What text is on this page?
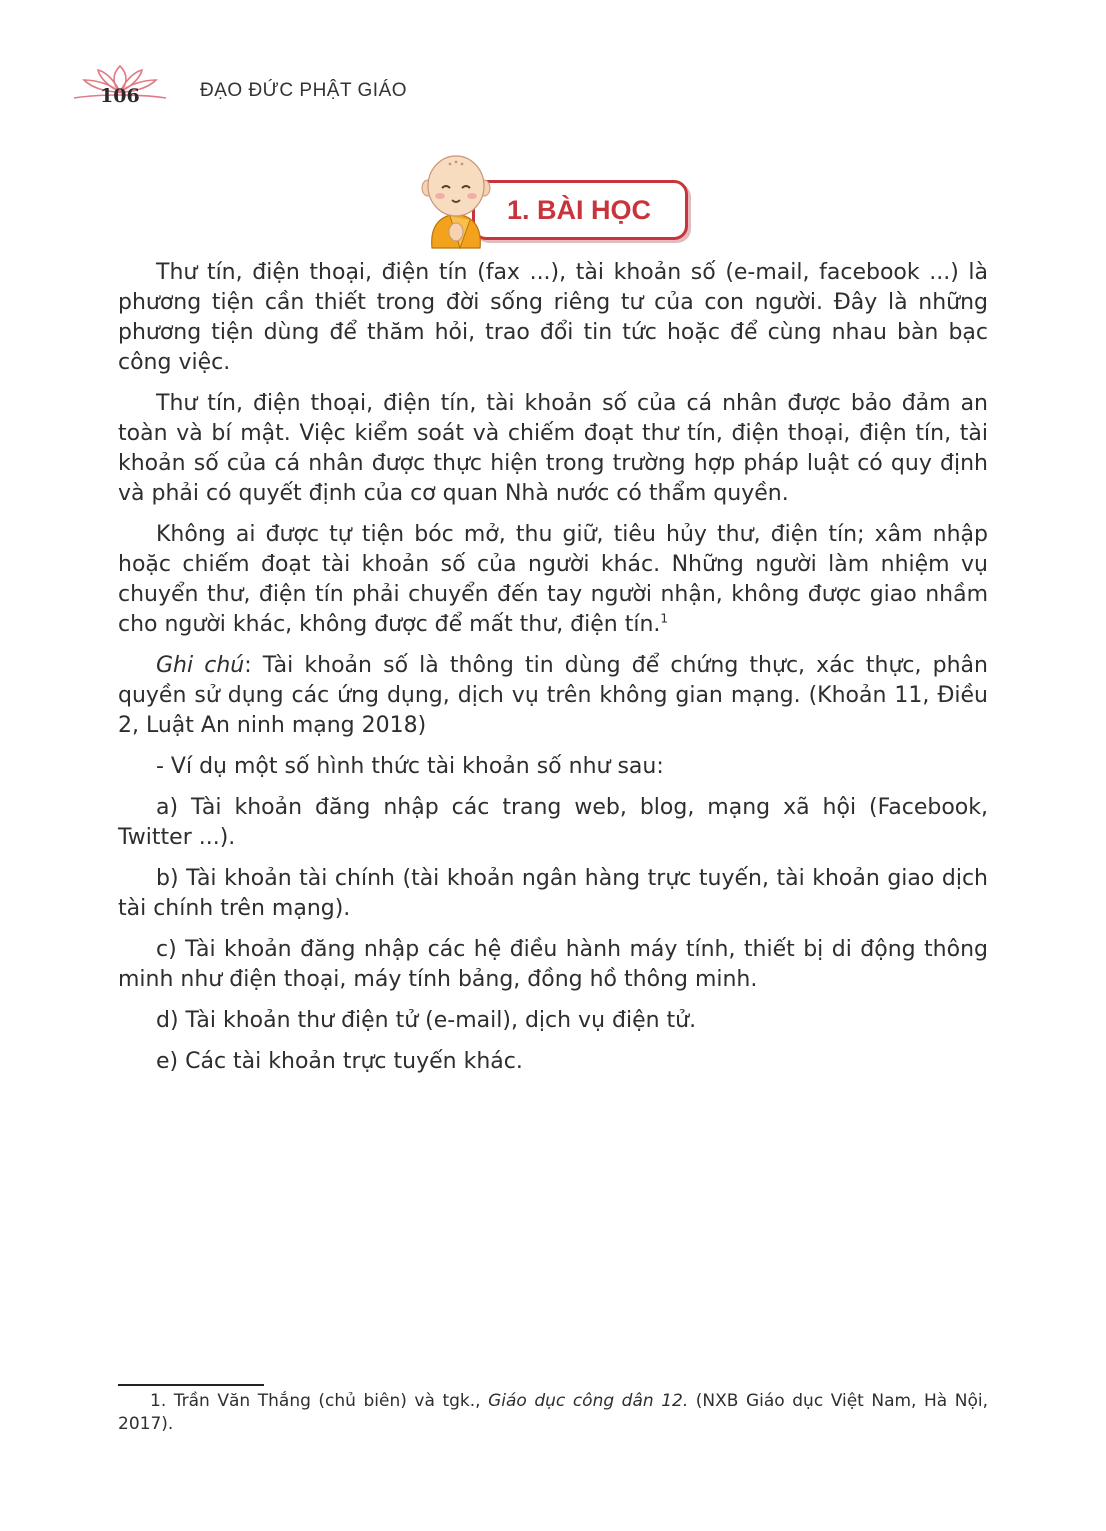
106	ĐẠO ĐỨC PHẬT GIÁO
1. BÀI HỌC

Thư tín, điện thoại, điện tín (fax ...), tài khoản số (e-mail, facebook ...) là phương tiện cần thiết trong đời sống riêng tư của con người. Đây là những phương tiện dùng để thăm hỏi, trao đổi tin tức hoặc để cùng nhau bàn bạc công việc.

Thư tín, điện thoại, điện tín, tài khoản số của cá nhân được bảo đảm an toàn và bí mật. Việc kiểm soát và chiếm đoạt thư tín, điện thoại, điện tín, tài khoản số của cá nhân được thực hiện trong trường hợp pháp luật có quy định và phải có quyết định của cơ quan Nhà nước có thẩm quyền.

Không ai được tự tiện bóc mở, thu giữ, tiêu hủy thư, điện tín; xâm nhập hoặc chiếm đoạt tài khoản số của người khác. Những người làm nhiệm vụ chuyển thư, điện tín phải chuyển đến tay người nhận, không được giao nhầm cho người khác, không được để mất thư, điện tín.$^1$

Ghi chú: Tài khoản số là thông tin dùng để chứng thực, xác thực, phân quyền sử dụng các ứng dụng, dịch vụ trên không gian mạng. (Khoản 11, Điều 2, Luật An ninh mạng 2018)

- Ví dụ một số hình thức tài khoản số như sau:

a) Tài khoản đăng nhập các trang web, blog, mạng xã hội (Facebook, Twitter ...).

b) Tài khoản tài chính (tài khoản ngân hàng trực tuyến, tài khoản giao dịch tài chính trên mạng).

c) Tài khoản đăng nhập các hệ điều hành máy tính, thiết bị di động thông minh như điện thoại, máy tính bảng, đồng hồ thông minh.

d) Tài khoản thư điện tử (e-mail), dịch vụ điện tử.

e) Các tài khoản trực tuyến khác.

1. Trần Văn Thắng (chủ biên) và tgk., Giáo dục công dân 12. (NXB Giáo dục Việt Nam, Hà Nội, 2017).
